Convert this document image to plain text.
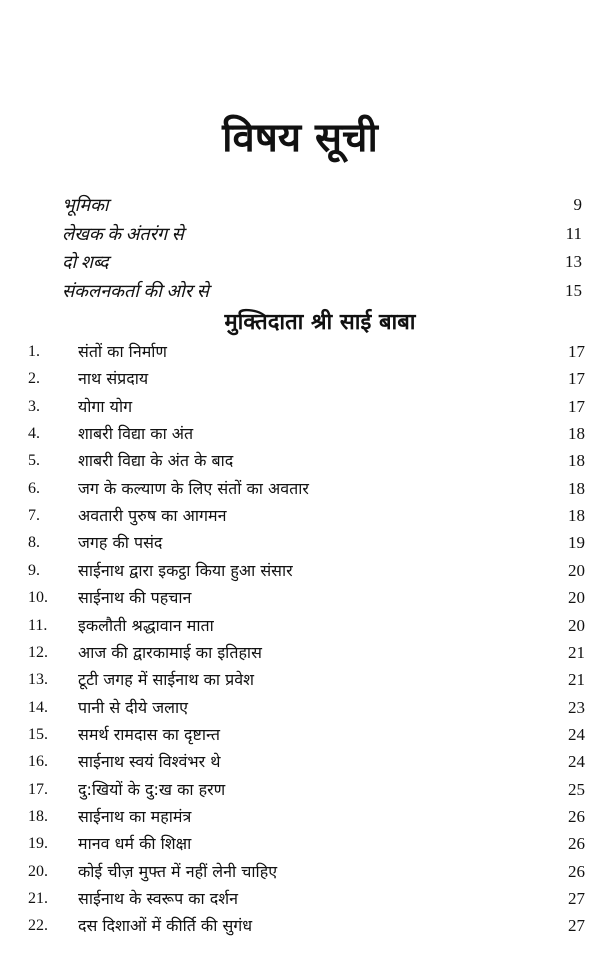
विषय सूची
भूमिका	9
लेखक के अंतरंग से	11
दो शब्द	13
संकलनकर्ता की ओर से	15
मुक्तिदाता श्री साई बाबा
1. संतों का निर्माण	17
2. नाथ संप्रदाय	17
3. योगा योग	17
4. शाबरी विद्या का अंत	18
5. शाबरी विद्या के अंत के बाद	18
6. जग के कल्याण के लिए संतों का अवतार	18
7. अवतारी पुरुष का आगमन	18
8. जगह की पसंद	19
9. साईनाथ द्वारा इकट्ठा किया हुआ संसार	20
10. साईनाथ की पहचान	20
11. इकलौती श्रद्धावान माता	20
12. आज की द्वारकामाई का इतिहास	21
13. टूटी जगह में साईनाथ का प्रवेश	21
14. पानी से दीये जलाए	23
15. समर्थ रामदास का दृष्टान्त	24
16. साईनाथ स्वयं विश्वंभर थे	24
17. दु:खियों के दु:ख का हरण	25
18. साईनाथ का महामंत्र	26
19. मानव धर्म की शिक्षा	26
20. कोई चीज़ मुफ्त में नहीं लेनी चाहिए	26
21. साईनाथ के स्वरूप का दर्शन	27
22. दस दिशाओं में कीर्ति की सुगंध	27
